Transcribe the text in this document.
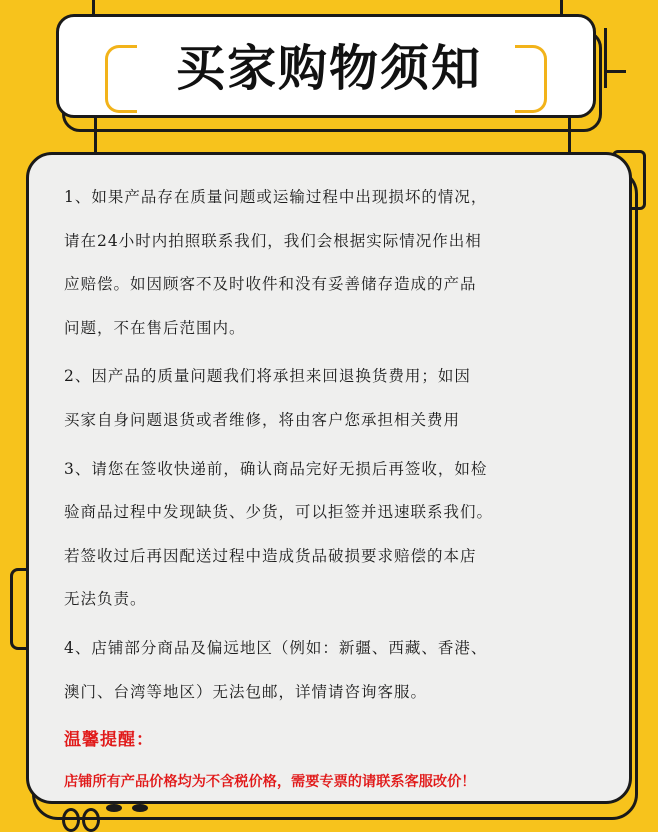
买家购物须知
1、如果产品存在质量问题或运输过程中出现损坏的情况，
请在24小时内拍照联系我们，我们会根据实际情况作出相
应赔偿。如因顾客不及时收件和没有妥善储存造成的产品
问题，不在售后范围内。
2、因产品的质量问题我们将承担来回退换货费用；如因
买家自身问题退货或者维修，将由客户您承担相关费用
3、请您在签收快递前，确认商品完好无损后再签收，如检
验商品过程中发现缺货、少货，可以拒签并迅速联系我们。
若签收过后再因配送过程中造成货品破损要求赔偿的本店
无法负责。
4、店铺部分商品及偏远地区（例如：新疆、西藏、香港、
澳门、台湾等地区）无法包邮，详情请咨询客服。
温馨提醒：
店铺所有产品价格均为不含税价格，需要专票的请联系客服改价！
